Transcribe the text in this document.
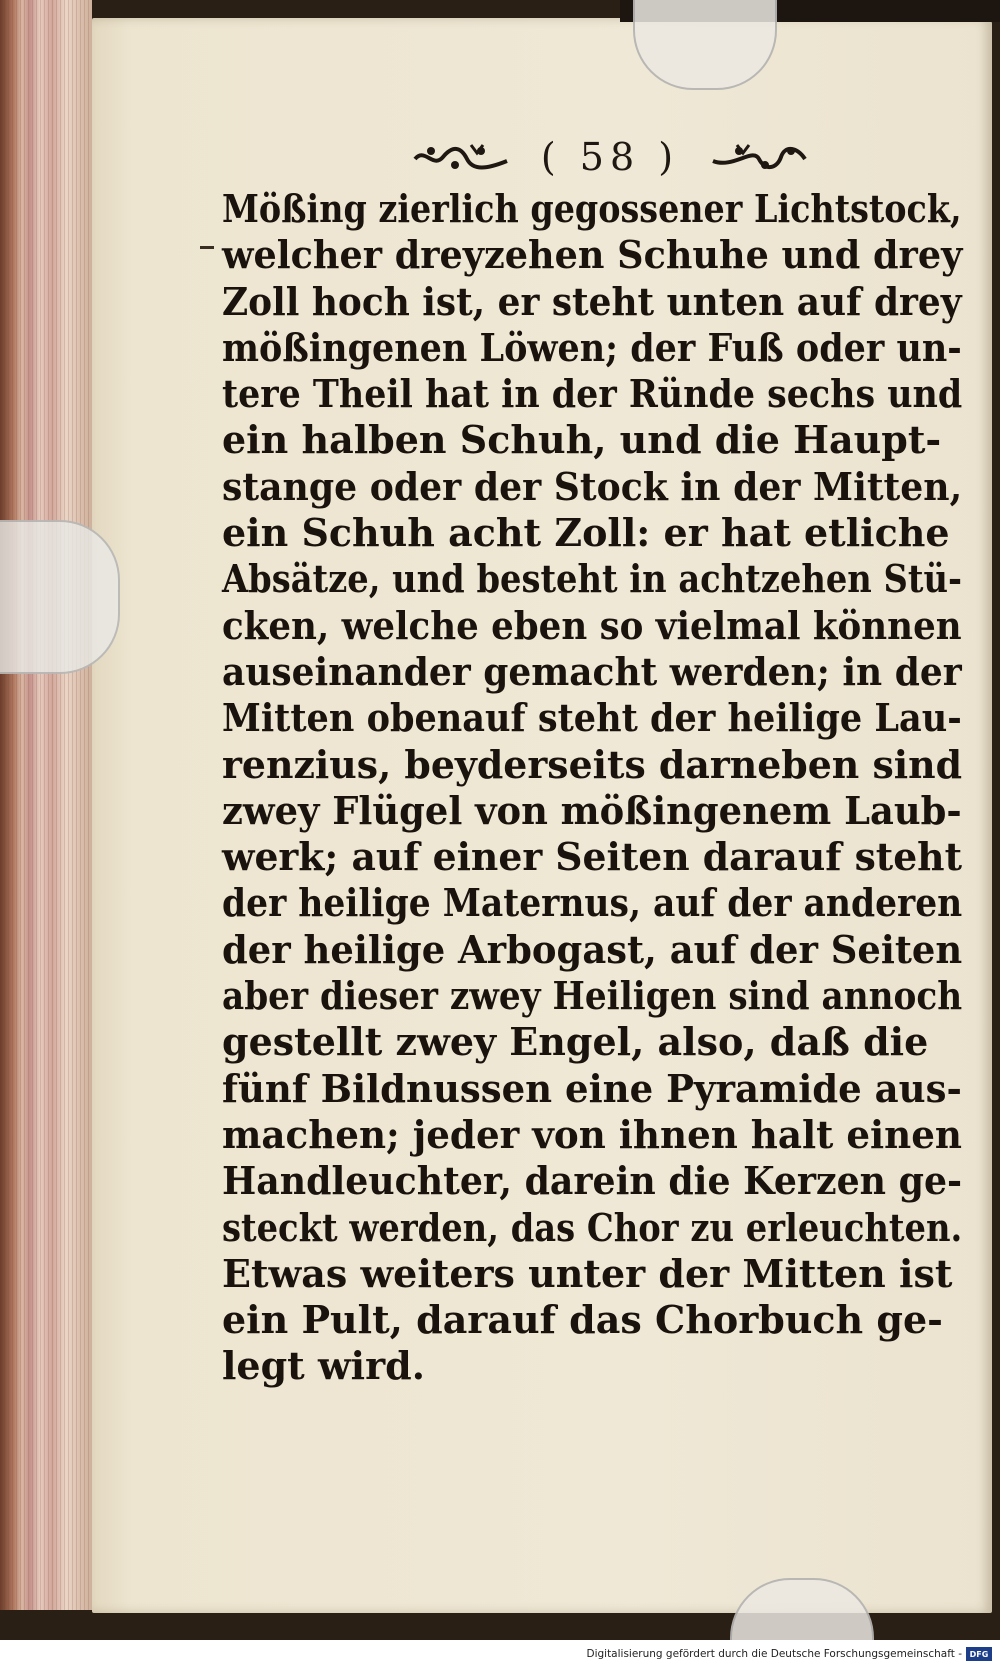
( 58 )
Mößing zierlich gegossener Lichtstock,
welcher dreyzehen Schuhe und drey
Zoll hoch ist, er steht unten auf drey
mößingenen Löwen; der Fuß oder un-
tere Theil hat in der Ründe sechs und
ein halben Schuh, und die Haupt-
stange oder der Stock in der Mitten,
ein Schuh acht Zoll: er hat etliche
Absätze, und besteht in achtzehen Stü-
cken, welche eben so vielmal können
auseinander gemacht werden; in der
Mitten obenauf steht der heilige Lau-
renzius, beyderseits darneben sind
zwey Flügel von mößingenem Laub-
werk; auf einer Seiten darauf steht
der heilige Maternus, auf der anderen
der heilige Arbogast, auf der Seiten
aber dieser zwey Heiligen sind annoch
gestellt zwey Engel, also, daß die
fünf Bildnussen eine Pyramide aus-
machen; jeder von ihnen halt einen
Handleuchter, darein die Kerzen ge-
steckt werden, das Chor zu erleuchten.
Etwas weiters unter der Mitten ist
ein Pult, darauf das Chorbuch ge-
legt wird.
Digitalisierung gefördert durch die Deutsche Forschungsgemeinschaft - DFG
